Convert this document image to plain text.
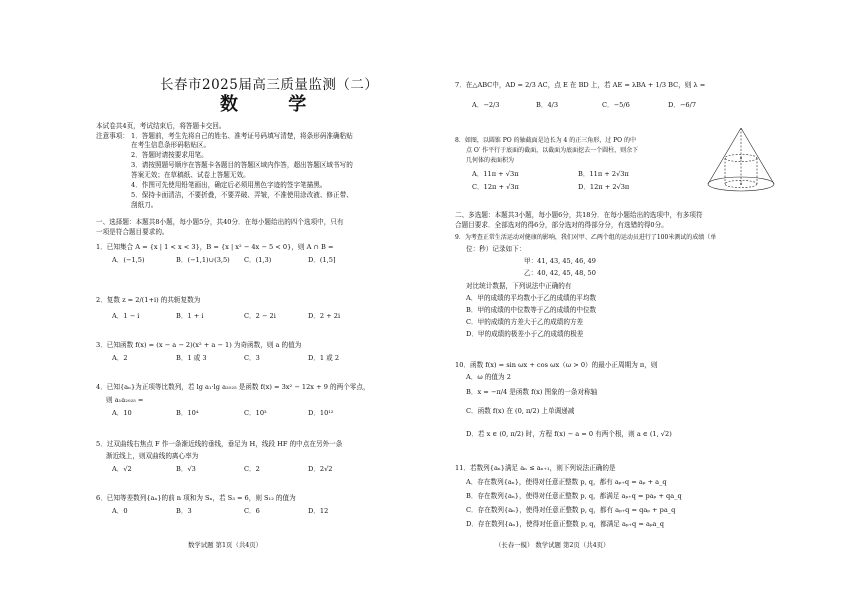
长春市2025届高三质量监测（二）
数 学
本试卷共4页，考试结束后，将答题卡交回。
注意事项： 1．答题前，考生先将自己的姓名、准考证号码填写清楚，将条形码准确粘贴
在考生信息条形码粘贴区。
2．答题时请按要求用笔。
3．请按照题号顺序在答题卡各题目的答题区域内作答，超出答题区域书写的
答案无效；在草稿纸、试卷上答题无效。
4．作图可先使用铅笔画出，确定后必须用黑色字迹的签字笔描黑。
5．保持卡面清洁，不要折叠，不要弄破、弄皱，不准使用涂改液、修正带、
刮纸刀。
一、选择题：本题共8小题，每小题5分，共40分．在每小题给出的四个选项中，只有
一项是符合题目要求的。
1．已知集合 A = {x | 1 < x < 3}，B = {x | x² − 4x − 5 < 0}，则 A ∩ B =
A．(−1,5)	B．(−1,1)∪(3,5) C．(1,3)	D．(1,5]
2．复数 z = 2/(1+i) 的共轭复数为
A．1 − i	B．1 + i	C．2 − 2i	D．2 + 2i
3．已知函数 f(x) = (x − a − 2)(x² + a − 1) 为奇函数，则 a 的值为
A．2	B．1 或 3	C．3	D．1 或 2
4．已知{aₙ}为正项等比数列，若 lg a₁·lg a₂₀₂₅ 是函数 f(x) = 3x² − 12x + 9 的两个零点，
则 a₁a₂₀₂₅ =
A．10	B．10⁴	C．10³	D．10¹²
5．过双曲线右焦点 F 作一条渐近线的垂线，垂足为 H，线段 HF 的中点在另外一条
渐近线上，则双曲线的离心率为
A．√2	B．√3	C．2	D．2√2
6．已知等差数列{aₙ}的前 n 项和为 Sₙ，若 S₃ = 6，则 S₁₂ 的值为
A．0	B．3	C．6	D．12
数学试题 第1页（共4页）
7．在△ABC中，AD = 2/3 AC，点 E 在 BD 上，若 AE = λBA + 1/3 BC，则 λ =
A．−2/3	B．4/3	C．−5/6	D．−6/7
8．如图，以圆锥 PO 的轴截面是边长为 4 的正三角形，过 PO 的中
点 O′ 作平行于底面的截面，以截面为底面挖去一个圆柱，则余下
几何体的表面积为
A．11π + √3π	B．11π + 2√3π
C．12π + √3π	D．12π + 2√3π
二、多选题：本题共3小题，每小题6分，共18分．在每小题给出的选项中，有多项符
合题目要求．全部选对的得6分，部分选对的得部分分，有选错的得0分。
9．为考查正常生活运动对健康的影响，我们对甲、乙两个组的运动员进行了100米测试的成绩（单
位：秒）记录如下：
甲：41, 43, 45, 46, 49
乙：40, 42, 45, 48, 50
对比统计数据，下列说法中正确的有
A．甲的成绩的平均数小于乙的成绩的平均数
B．甲的成绩的中位数等于乙的成绩的中位数
C．甲的成绩的方差大于乙的成绩的方差
D．甲的成绩的极差小于乙的成绩的极差
10．函数 f(x) = sin ωx + cos ωx（ω > 0）的最小正周期为 π，则
A．ω 的值为 2
B．x = −π/4 是函数 f(x) 图象的一条对称轴
C．函数 f(x) 在 (0, π/2) 上单调递减
D．若 x ∈ (0, π/2) 时，方程 f(x) − a = 0 有两个根，则 a ∈ (1, √2)
11．若数列{aₙ}满足 aₙ ≤ aₙ₊₁，则下列说法正确的是
A．存在数列{aₙ}，使得对任意正整数 p, q，都有 aₚ₊q = aₚ + a_q
B．存在数列{aₙ}，使得对任意正整数 p, q，都满足 aₚ₊q = paₚ + qa_q
C．存在数列{aₙ}，使得对任意正整数 p, q，都有 aₚ₊q = qaₚ + pa_q
D．存在数列{aₙ}，使得对任意正整数 p, q，都满足 aₚ₊q = aₚa_q
（长春一模） 数学试题 第2页（共4页）
